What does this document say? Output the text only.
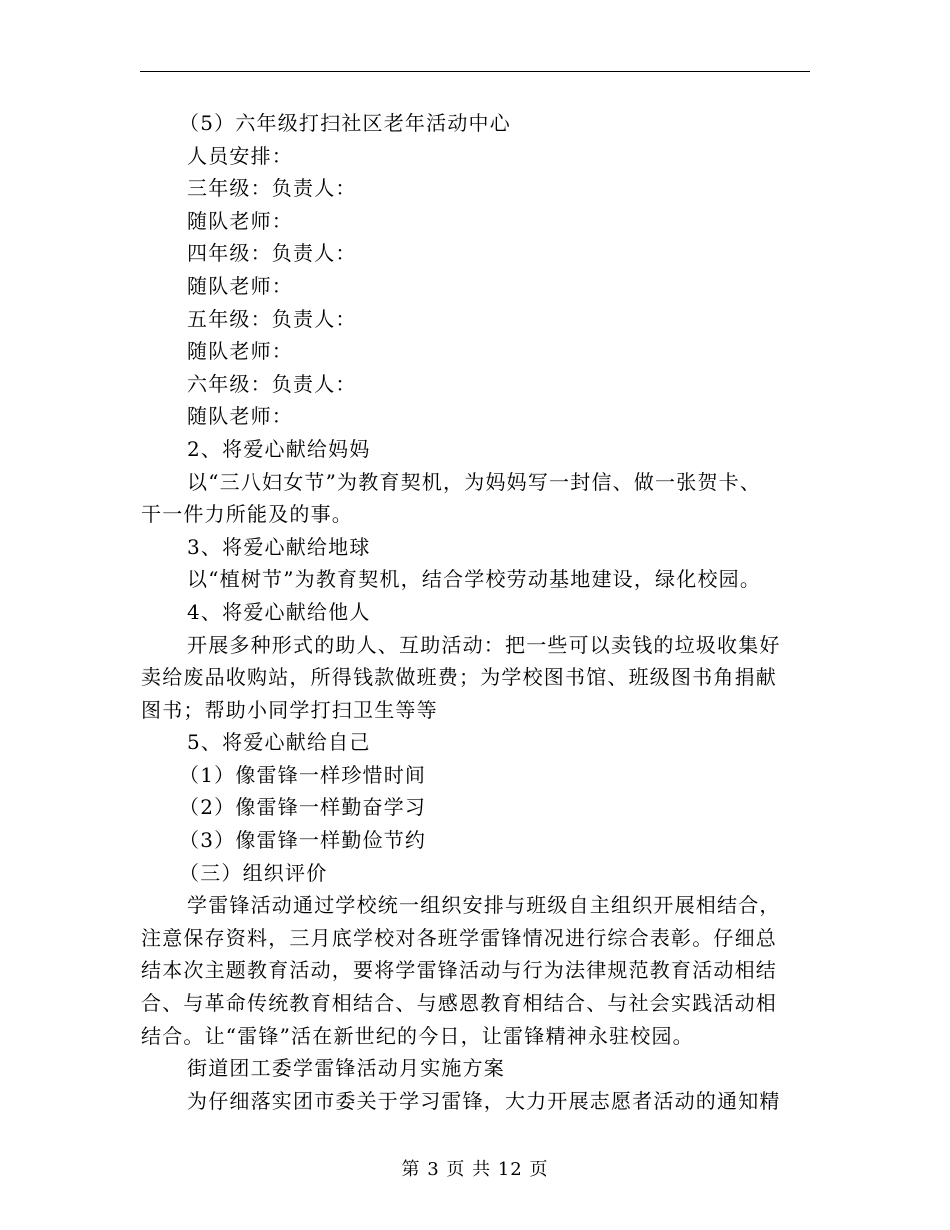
（5）六年级打扫社区老年活动中心
人员安排：
三年级：负责人：
随队老师：
四年级：负责人：
随队老师：
五年级：负责人：
随队老师：
六年级：负责人：
随队老师：
2、将爱心献给妈妈
以“三八妇女节”为教育契机，为妈妈写一封信、做一张贺卡、
干一件力所能及的事。
3、将爱心献给地球
以“植树节”为教育契机，结合学校劳动基地建设，绿化校园。
4、将爱心献给他人
开展多种形式的助人、互助活动：把一些可以卖钱的垃圾收集好
卖给废品收购站，所得钱款做班费；为学校图书馆、班级图书角捐献
图书；帮助小同学打扫卫生等等
5、将爱心献给自己
（1）像雷锋一样珍惜时间
（2）像雷锋一样勤奋学习
（3）像雷锋一样勤俭节约
（三）组织评价
学雷锋活动通过学校统一组织安排与班级自主组织开展相结合，
注意保存资料，三月底学校对各班学雷锋情况进行综合表彰。仔细总
结本次主题教育活动，要将学雷锋活动与行为法律规范教育活动相结
合、与革命传统教育相结合、与感恩教育相结合、与社会实践活动相
结合。让“雷锋”活在新世纪的今日，让雷锋精神永驻校园。
街道团工委学雷锋活动月实施方案
为仔细落实团市委关于学习雷锋，大力开展志愿者活动的通知精
第 3 页 共 12 页
